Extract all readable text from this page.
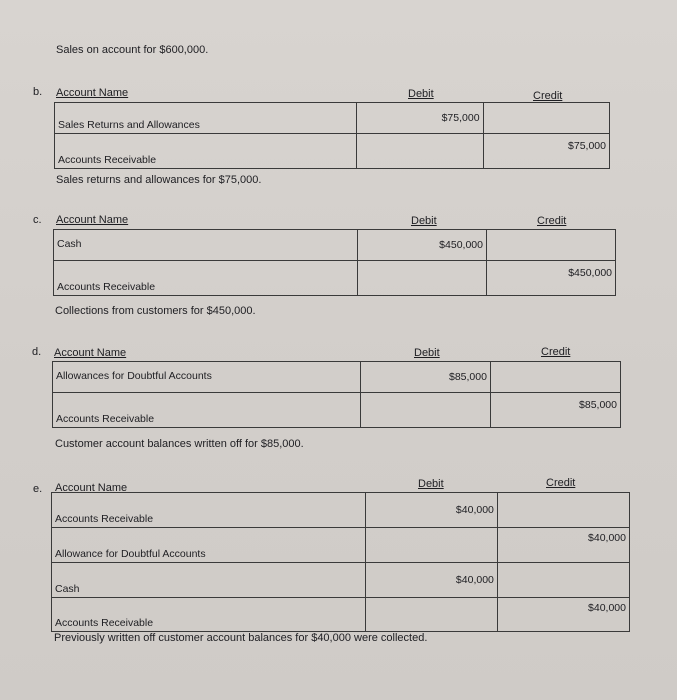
Sales on account for $600,000.
b. Account Name	Debit	Credit
Sales Returns and Allowances	$75,000	
Accounts Receivable		$75,000
Sales returns and allowances for $75,000.
c. Account Name	Debit	Credit
Cash	$450,000	
Accounts Receivable		$450,000
Collections from customers for $450,000.
d. Account Name	Debit	Credit
Allowances for Doubtful Accounts	$85,000	
Accounts Receivable		$85,000
Customer account balances written off for $85,000.
e. Account Name	Debit	Credit
Accounts Receivable	$40,000	
Allowance for Doubtful Accounts		$40,000
Cash	$40,000	
Accounts Receivable		$40,000
Previously written off customer account balances for $40,000 were collected.
